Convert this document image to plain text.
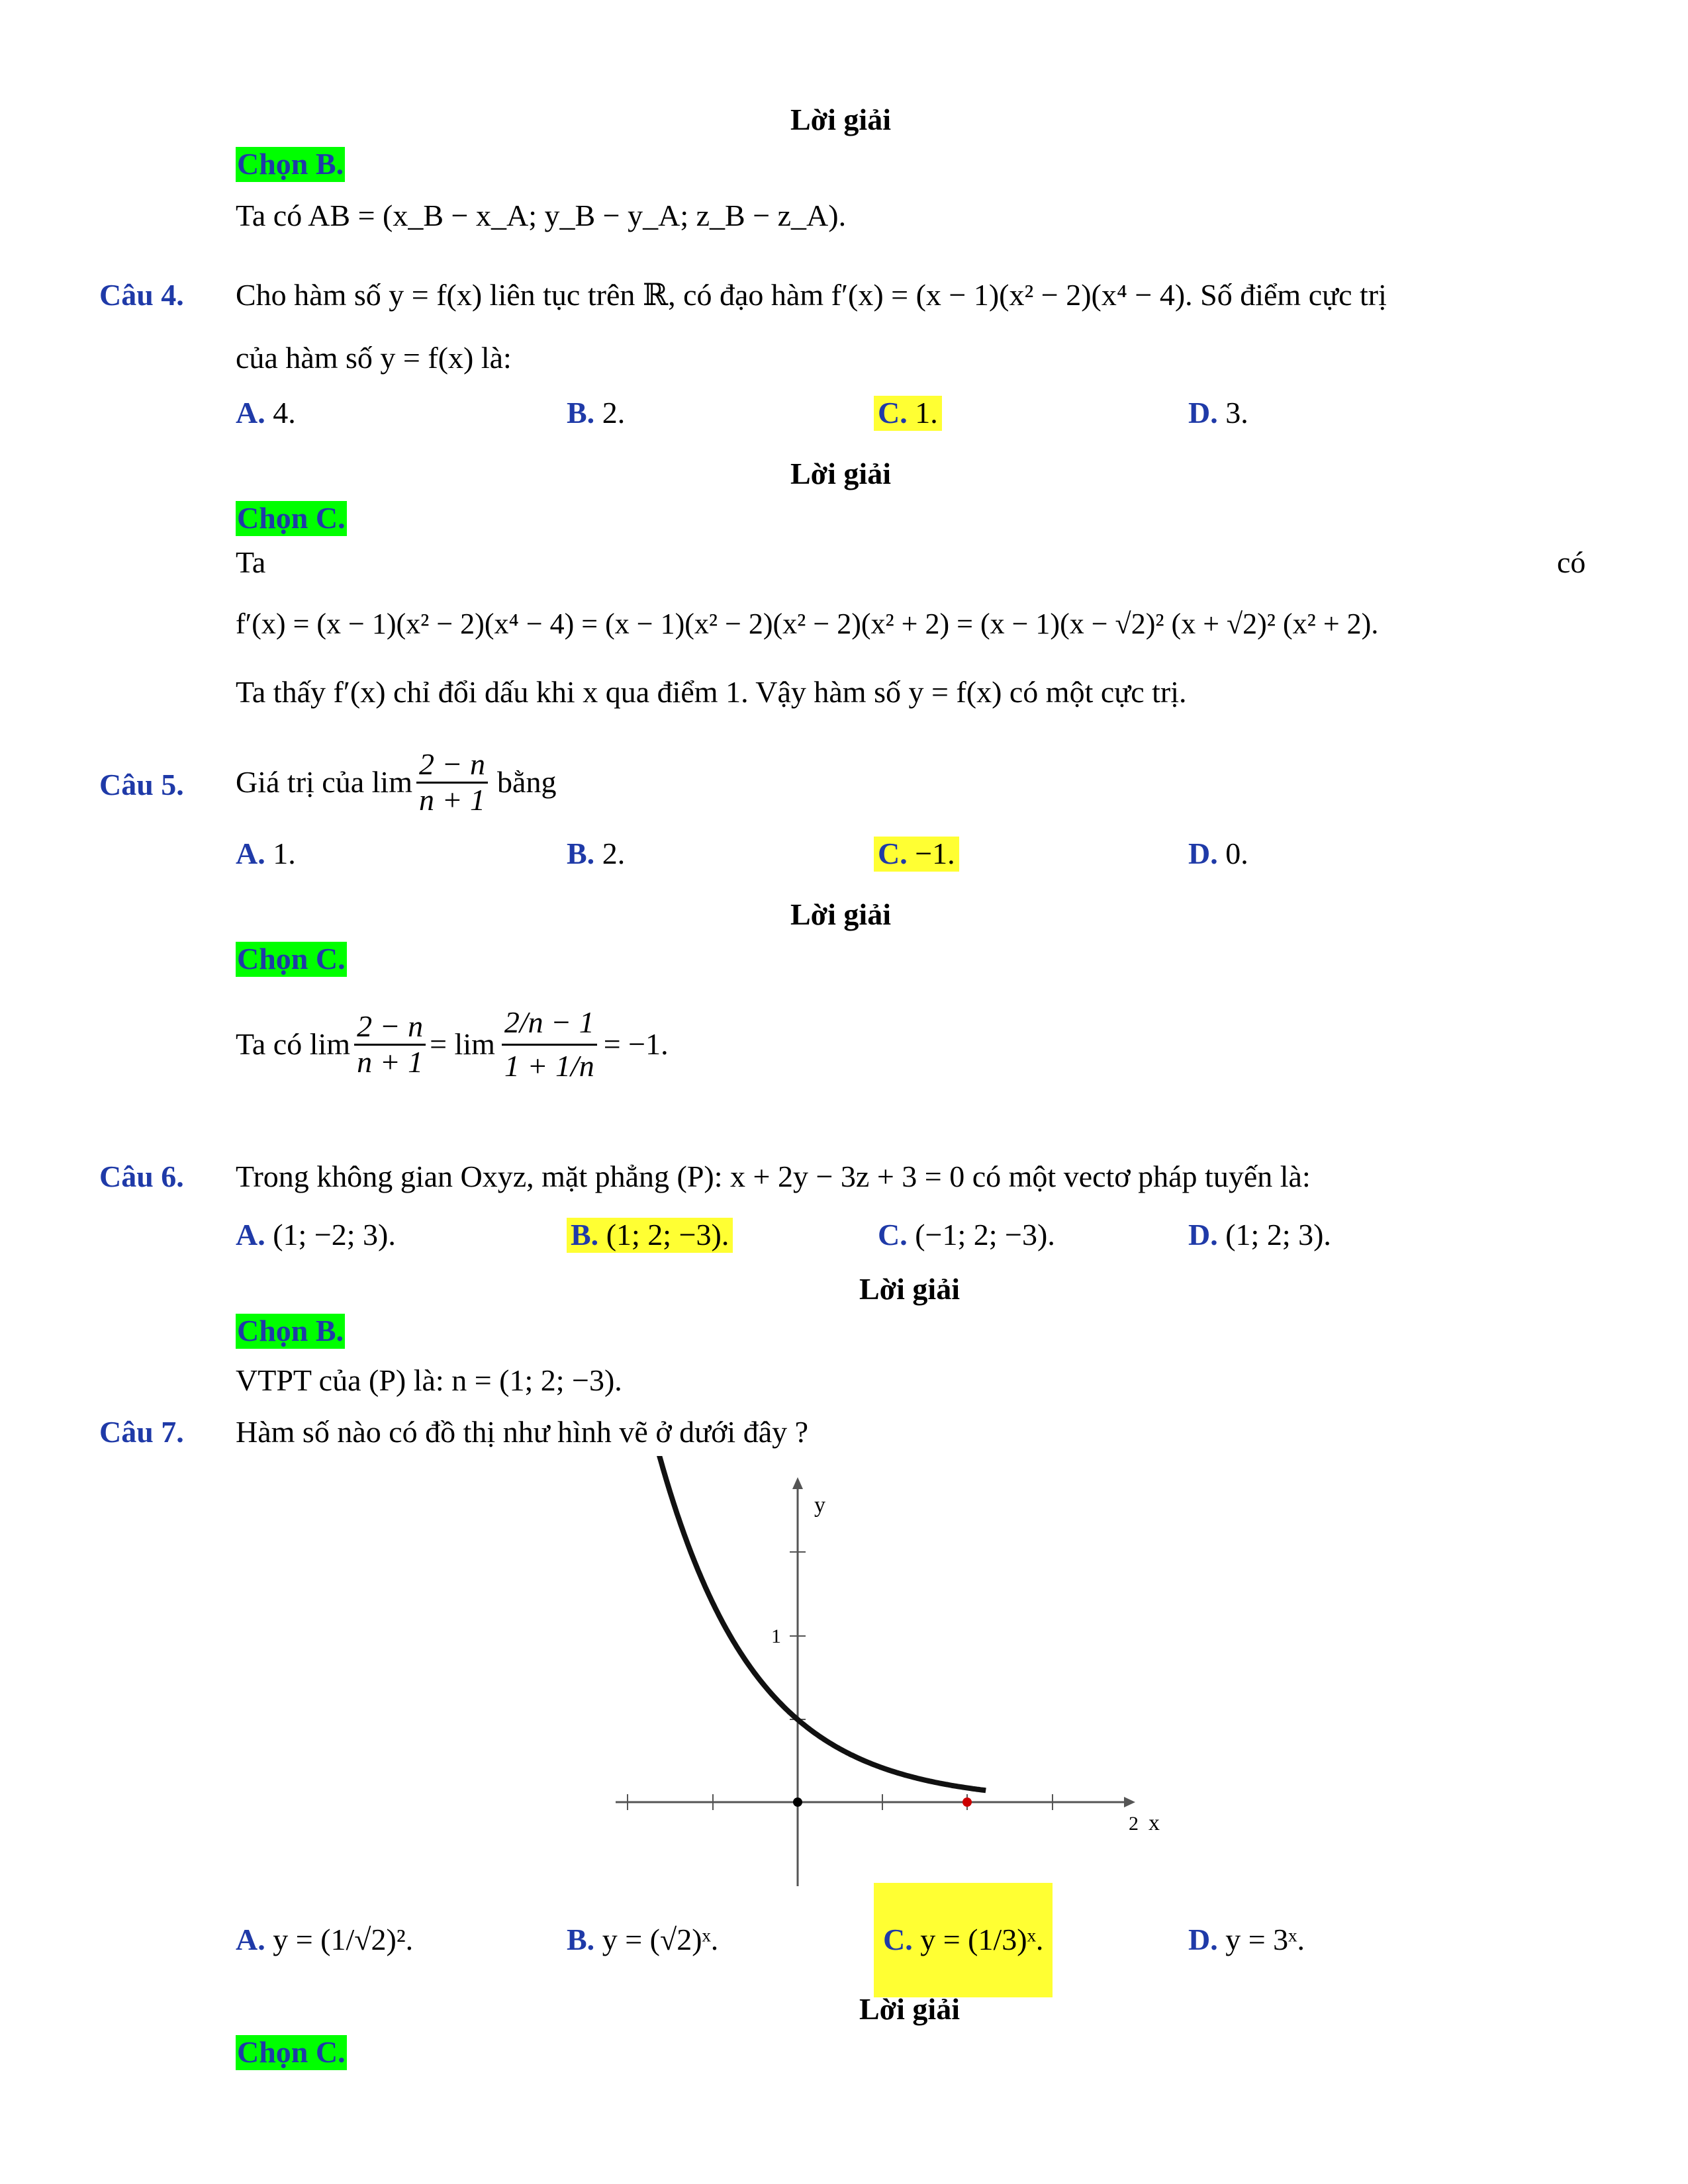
Lời giải
Chọn B.
Ta có AB = (x_B − x_A; y_B − y_A; z_B − z_A).
Câu 4. Cho hàm số y = f(x) liên tục trên ℝ, có đạo hàm f′(x) = (x − 1)(x² − 2)(x⁴ − 4). Số điểm cực trị
của hàm số y = f(x) là:
A. 4.	B. 2.	C. 1.	D. 3.
Lời giải
Chọn C.
Ta	có
f′(x) = (x − 1)(x² − 2)(x⁴ − 4) = (x − 1)(x² − 2)(x² − 2)(x² + 2) = (x − 1)(x − √2)² (x + √2)² (x² + 2).
Ta thấy f′(x) chỉ đổi dấu khi x qua điểm 1. Vậy hàm số y = f(x) có một cực trị.
Câu 5. Giá trị của $\lim \frac{2 - n}{n + 1}$ bằng
A. 1.	B. 2.	C. −1.	D. 0.
Lời giải
Chọn C.
Ta có $\lim \frac{2 - n}{n + 1} = \lim \frac{2/n - 1}{1 + 1/n} = -1$.
Câu 6. Trong không gian Oxyz, mặt phẳng (P): x + 2y − 3z + 3 = 0 có một vectơ pháp tuyến là:
A. (1; −2; 3).	B. (1; 2; −3).	C. (−1; 2; −3).	D. (1; 2; 3).
Lời giải
Chọn B.
VTPT của (P) là: n = (1; 2; −3).
Câu 7. Hàm số nào có đồ thị như hình vẽ ở dưới đây ?
y
x
1
2
A. y = (1/√2)².	B. y = (√2)ˣ.	C. y = (1/3)ˣ.	D. y = 3ˣ.
Lời giải
Chọn C.
